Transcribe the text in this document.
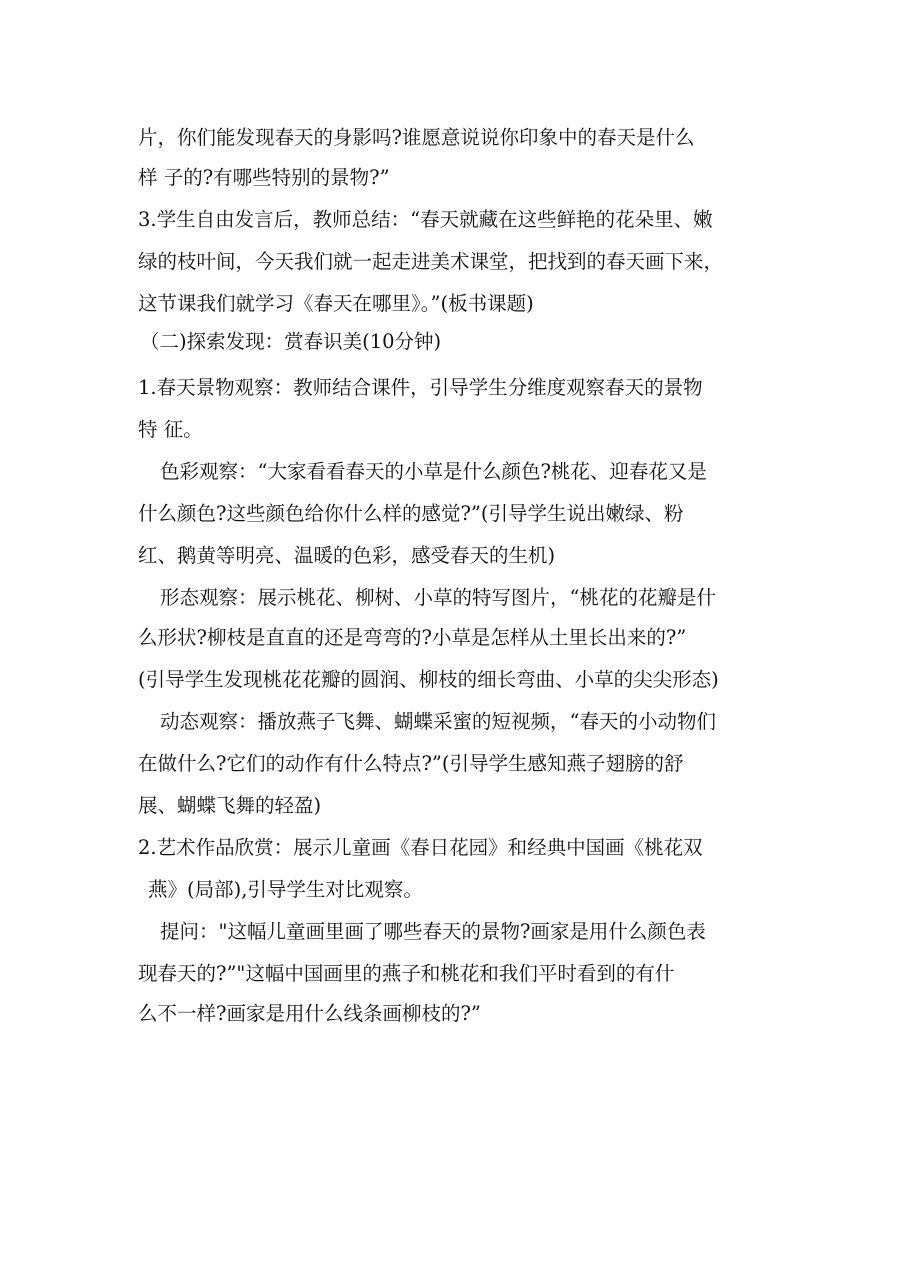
片，你们能发现春天的身影吗?谁愿意说说你印象中的春天是什么
样 子的?有哪些特别的景物?”
3.学生自由发言后，教师总结：“春天就藏在这些鲜艳的花朵里、嫩
绿的枝叶间，今天我们就一起走进美术课堂，把找到的春天画下来，
这节课我们就学习《春天在哪里》。”(板书课题)
（二)探索发现：赏春识美(10分钟)
1.春天景物观察：教师结合课件，引导学生分维度观察春天的景物
特 征。
色彩观察：“大家看看春天的小草是什么颜色?桃花、迎春花又是
什么颜色?这些颜色给你什么样的感觉?”(引导学生说出嫩绿、粉
红、鹅黄等明亮、温暖的色彩，感受春天的生机)
形态观察：展示桃花、柳树、小草的特写图片，“桃花的花瓣是什
么形状?柳枝是直直的还是弯弯的?小草是怎样从土里长出来的?”
(引导学生发现桃花花瓣的圆润、柳枝的细长弯曲、小草的尖尖形态)
动态观察：播放燕子飞舞、蝴蝶采蜜的短视频，“春天的小动物们
在做什么?它们的动作有什么特点?”(引导学生感知燕子翅膀的舒
展、蝴蝶飞舞的轻盈)
2.艺术作品欣赏：展示儿童画《春日花园》和经典中国画《桃花双
燕》(局部),引导学生对比观察。
提问："这幅儿童画里画了哪些春天的景物?画家是用什么颜色表
现春天的?”"这幅中国画里的燕子和桃花和我们平时看到的有什
么不一样?画家是用什么线条画柳枝的?”
